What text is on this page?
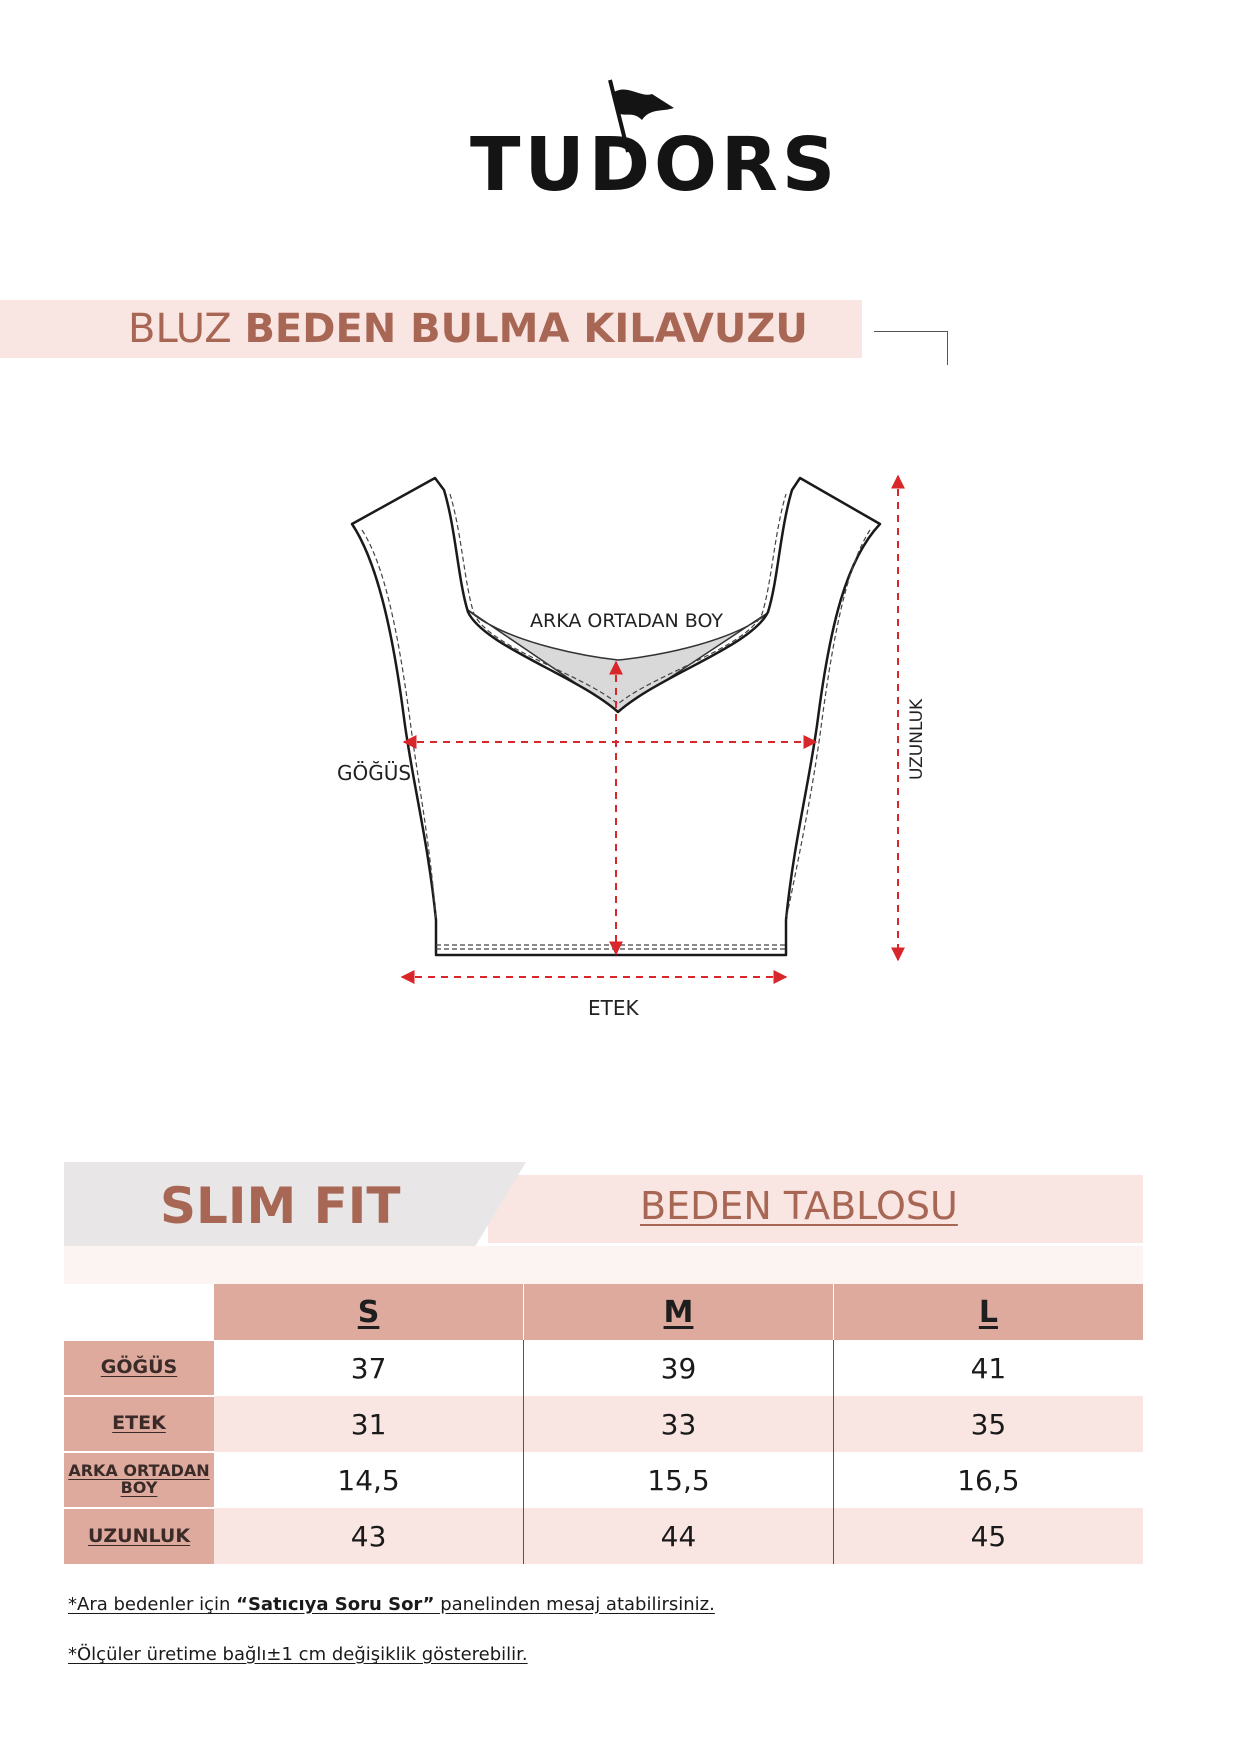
TUDORS
BLUZ BEDEN BULMA KILAVUZU
ARKA ORTADAN BOY
GÖĞÜS
ETEK
UZUNLUK
BEDEN TABLOSU
SLIM FIT
	S	M	L
GÖĞÜS	37	39	41
ETEK	31	33	35
ARKA ORTADAN BOY	14,5	15,5	16,5
UZUNLUK	43	44	45
*Ara bedenler için “Satıcıya Soru Sor” panelinden mesaj atabilirsiniz.
*Ölçüler üretime bağlı±1 cm değişiklik gösterebilir.
